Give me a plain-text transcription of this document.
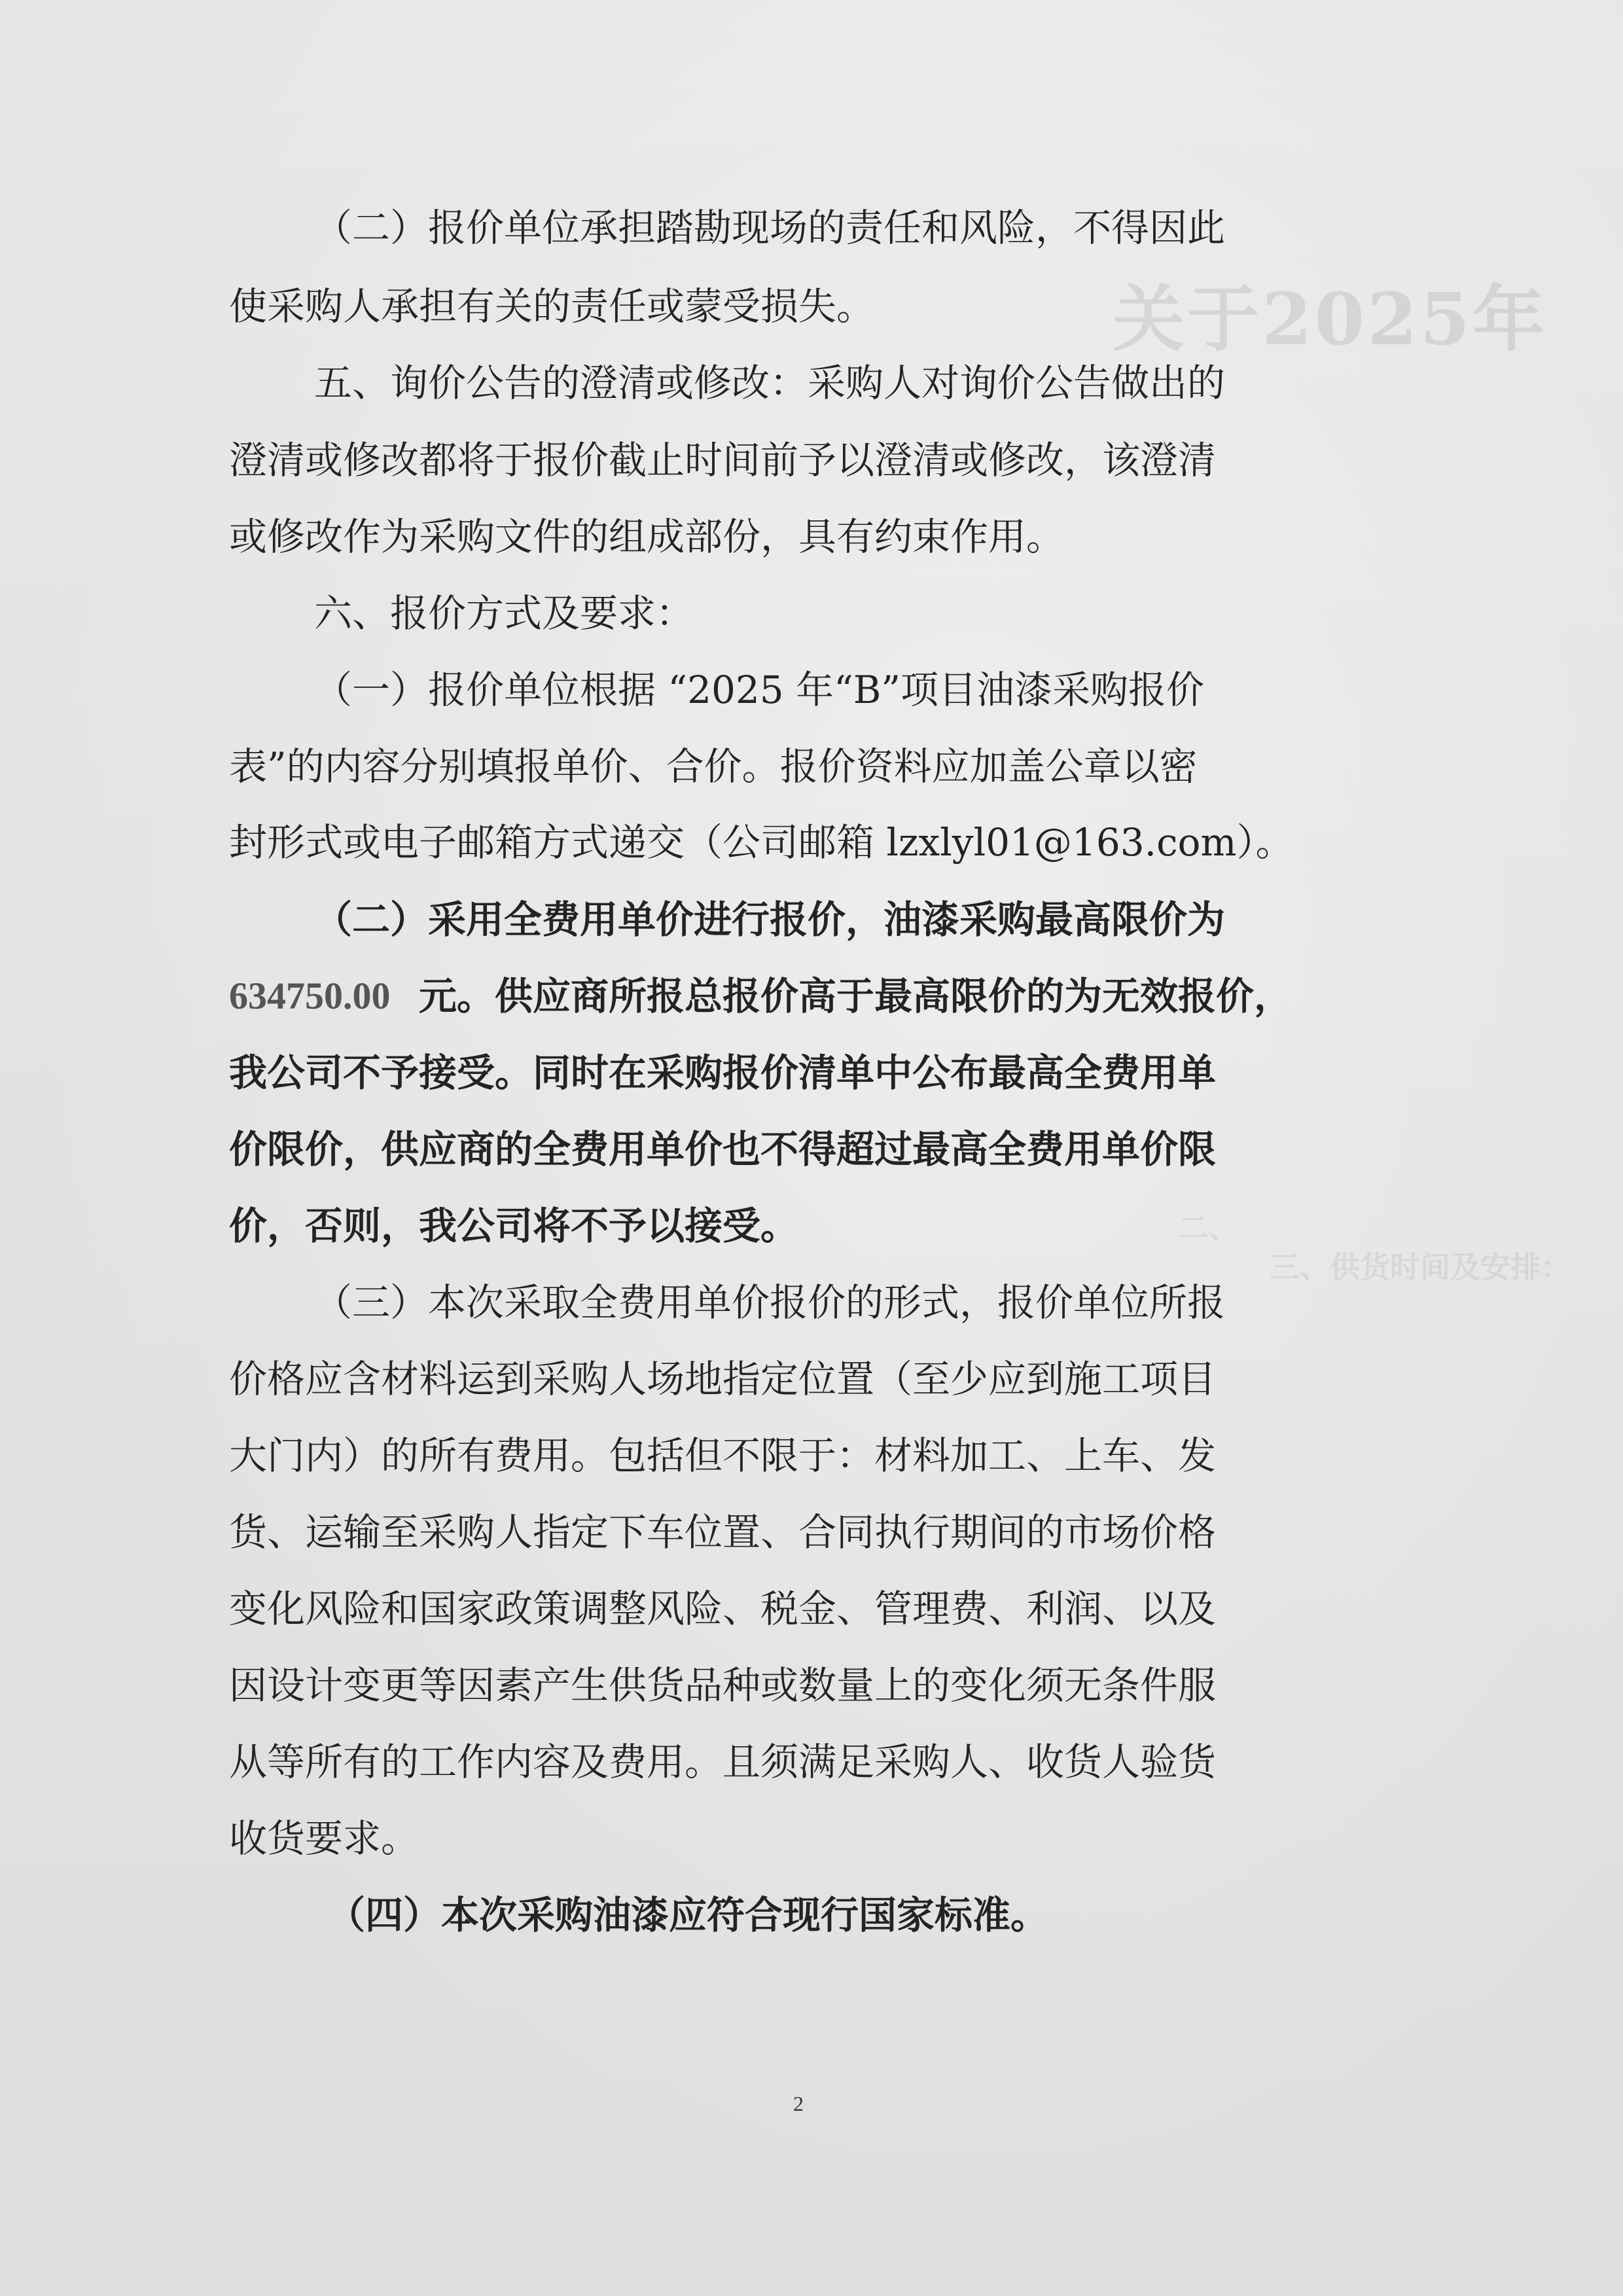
关于2025年
二、
三、供货时间及安排：
（二）报价单位承担踏勘现场的责任和风险，不得因此
使采购人承担有关的责任或蒙受损失。
五、询价公告的澄清或修改：采购人对询价公告做出的
澄清或修改都将于报价截止时间前予以澄清或修改，该澄清
或修改作为采购文件的组成部份，具有约束作用。
六、报价方式及要求：
（一）报价单位根据 “2025 年“B”项目油漆采购报价
表”的内容分别填报单价、合价。报价资料应加盖公章以密
封形式或电子邮箱方式递交（公司邮箱 lzxlyl01@163.com）。
（二）采用全费用单价进行报价，油漆采购最高限价为
634750.00 元。供应商所报总报价高于最高限价的为无效报价，
我公司不予接受。同时在采购报价清单中公布最高全费用单
价限价，供应商的全费用单价也不得超过最高全费用单价限
价，否则，我公司将不予以接受。
（三）本次采取全费用单价报价的形式，报价单位所报
价格应含材料运到采购人场地指定位置（至少应到施工项目
大门内）的所有费用。包括但不限于：材料加工、上车、发
货、运输至采购人指定下车位置、合同执行期间的市场价格
变化风险和国家政策调整风险、税金、管理费、利润、以及
因设计变更等因素产生供货品种或数量上的变化须无条件服
从等所有的工作内容及费用。且须满足采购人、收货人验货
收货要求。
（四）本次采购油漆应符合现行国家标准。
2
